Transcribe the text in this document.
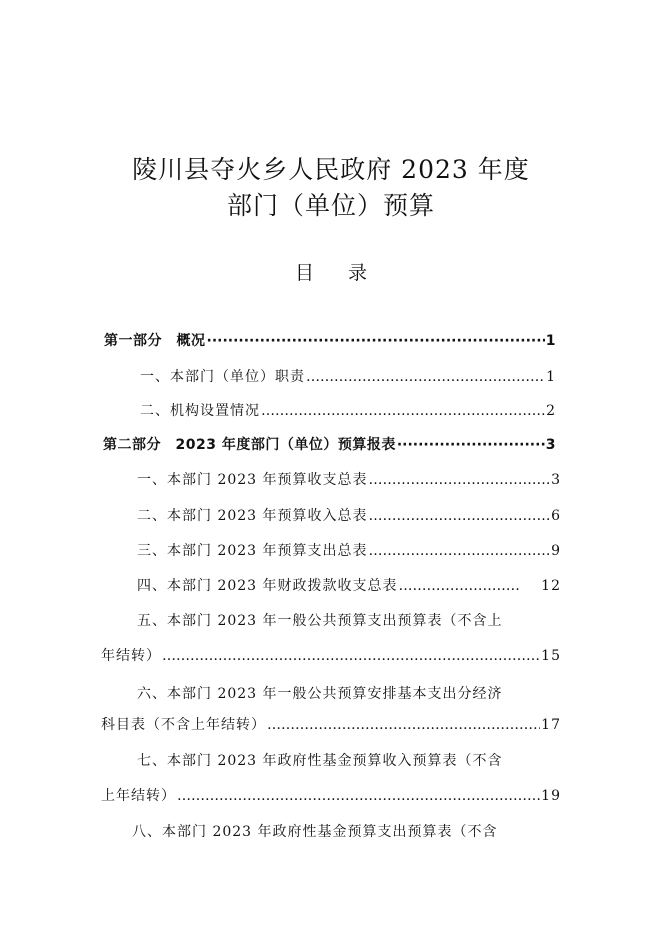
陵川县夺火乡人民政府 2023 年度
部门（单位）预算
目 录
第一部分　概况 ·····	1
一、本部门（单位）职责 …………………………………………………………………………………………………………………………………………………………	1
二、机构设置情况 …………………………………………………………………………………………………………………………………………………………	2
第二部分　2023 年度部门（单位）预算报表 ·····	3
一、本部门 2023 年预算收支总表 …………………………………………………………………………………………………………………………………………………………	3
二、本部门 2023 年预算收入总表 …………………………………………………………………………………………………………………………………………………………	6
三、本部门 2023 年预算支出总表 …………………………………………………………………………………………………………………………………………………………	9
四、本部门 2023 年财政拨款收支总表 …………………………………………………………………………………………………………………………………………………………	12
五、本部门 2023 年一般公共预算支出预算表（不含上
年结转） …………………………………………………………………………………………………………………………………………………………	15
六、本部门 2023 年一般公共预算安排基本支出分经济
科目表（不含上年结转） …………………………………………………………………………………………………………………………………………………………	17
七、本部门 2023 年政府性基金预算收入预算表（不含
上年结转） …………………………………………………………………………………………………………………………………………………………	19
八、本部门 2023 年政府性基金预算支出预算表（不含
